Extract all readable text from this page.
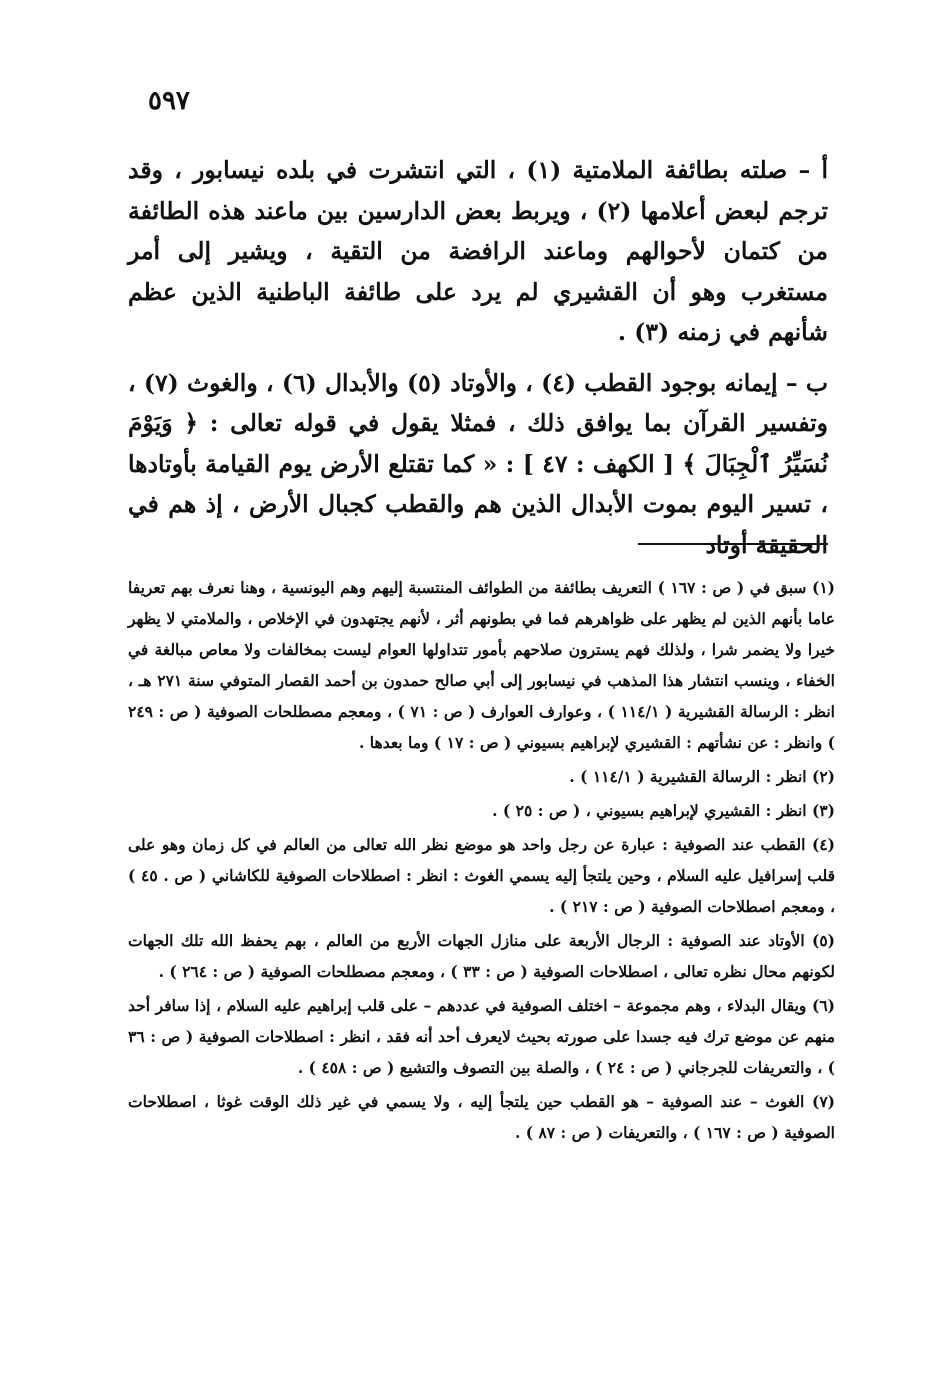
٥٩٧

أ – صلته بطائفة الملامتية (١) ، التي انتشرت في بلده نيسابور ، وقد ترجم لبعض أعلامها (٢) ، ويربط بعض الدارسين بين ماعند هذه الطائفة من كتمان لأحوالهم وماعند الرافضة من التقية ، ويشير إلى أمر مستغرب وهو أن القشيري لم يرد على طائفة الباطنية الذين عظم شأنهم في زمنه (٣) .

ب – إيمانه بوجود القطب (٤) ، والأوتاد (٥) والأبدال (٦) ، والغوث (٧) ، وتفسير القرآن بما يوافق ذلك ، فمثلا يقول في قوله تعالى : ﴿ وَيَوْمَ نُسَيِّرُ ٱلْجِبَالَ ﴾ [ الكهف : ٤٧ ] : « كما تقتلع الأرض يوم القيامة بأوتادها ، تسير اليوم بموت الأبدال الذين هم والقطب كجبال الأرض ، إذ هم في الحقيقة أوتاد

(١) سبق في ( ص : ١٦٧ ) التعريف بطائفة من الطوائف المنتسبة إليهم وهم اليونسية ، وهنا نعرف بهم تعريفا عاما بأنهم الذين لم يظهر على ظواهرهم فما في بطونهم أثر ، لأنهم يجتهدون في الإخلاص ، والملامتي لا يظهر خيرا ولا يضمر شرا ، ولذلك فهم يسترون صلاحهم بأمور تتداولها العوام ليست بمخالفات ولا معاص مبالغة في الخفاء ، وينسب انتشار هذا المذهب في نيسابور إلى أبي صالح حمدون بن أحمد القصار المتوفي سنة ٢٧١ هـ ، انظر : الرسالة القشيرية ( ١١٤/١ ) ، وعوارف العوارف ( ص : ٧١ ) ، ومعجم مصطلحات الصوفية ( ص : ٢٤٩ ) وانظر : عن نشأتهم : القشيري لإبراهيم بسيوني ( ص : ١٧ ) وما بعدها .

(٢) انظر : الرسالة القشيرية ( ١١٤/١ ) .

(٣) انظر : القشيري لإبراهيم بسيوني ، ( ص : ٢٥ ) .

(٤) القطب عند الصوفية : عبارة عن رجل واحد هو موضع نظر الله تعالى من العالم في كل زمان وهو على قلب إسرافيل عليه السلام ، وحين يلتجأ إليه يسمي الغوث : انظر : اصطلاحات الصوفية للكاشاني ( ص . ٤٥ ) ، ومعجم اصطلاحات الصوفية ( ص : ٢١٧ ) .

(٥) الأوتاد عند الصوفية : الرجال الأربعة على منازل الجهات الأربع من العالم ، بهم يحفظ الله تلك الجهات لكونهم محال نظره تعالى ، اصطلاحات الصوفية ( ص : ٣٣ ) ، ومعجم مصطلحات الصوفية ( ص : ٢٦٤ ) .

(٦) ويقال البدلاء ، وهم مجموعة – اختلف الصوفية في عددهم – على قلب إبراهيم عليه السلام ، إذا سافر أحد منهم عن موضع ترك فيه جسدا على صورته بحيث لايعرف أحد أنه فقد ، انظر : اصطلاحات الصوفية ( ص : ٣٦ ) ، والتعريفات للجرجاني ( ص : ٢٤ ) ، والصلة بين التصوف والتشيع ( ص : ٤٥٨ ) .

(٧) الغوث – عند الصوفية – هو القطب حين يلتجأ إليه ، ولا يسمي في غير ذلك الوقت غوثا ، اصطلاحات الصوفية ( ص : ١٦٧ ) ، والتعريفات ( ص : ٨٧ ) .
